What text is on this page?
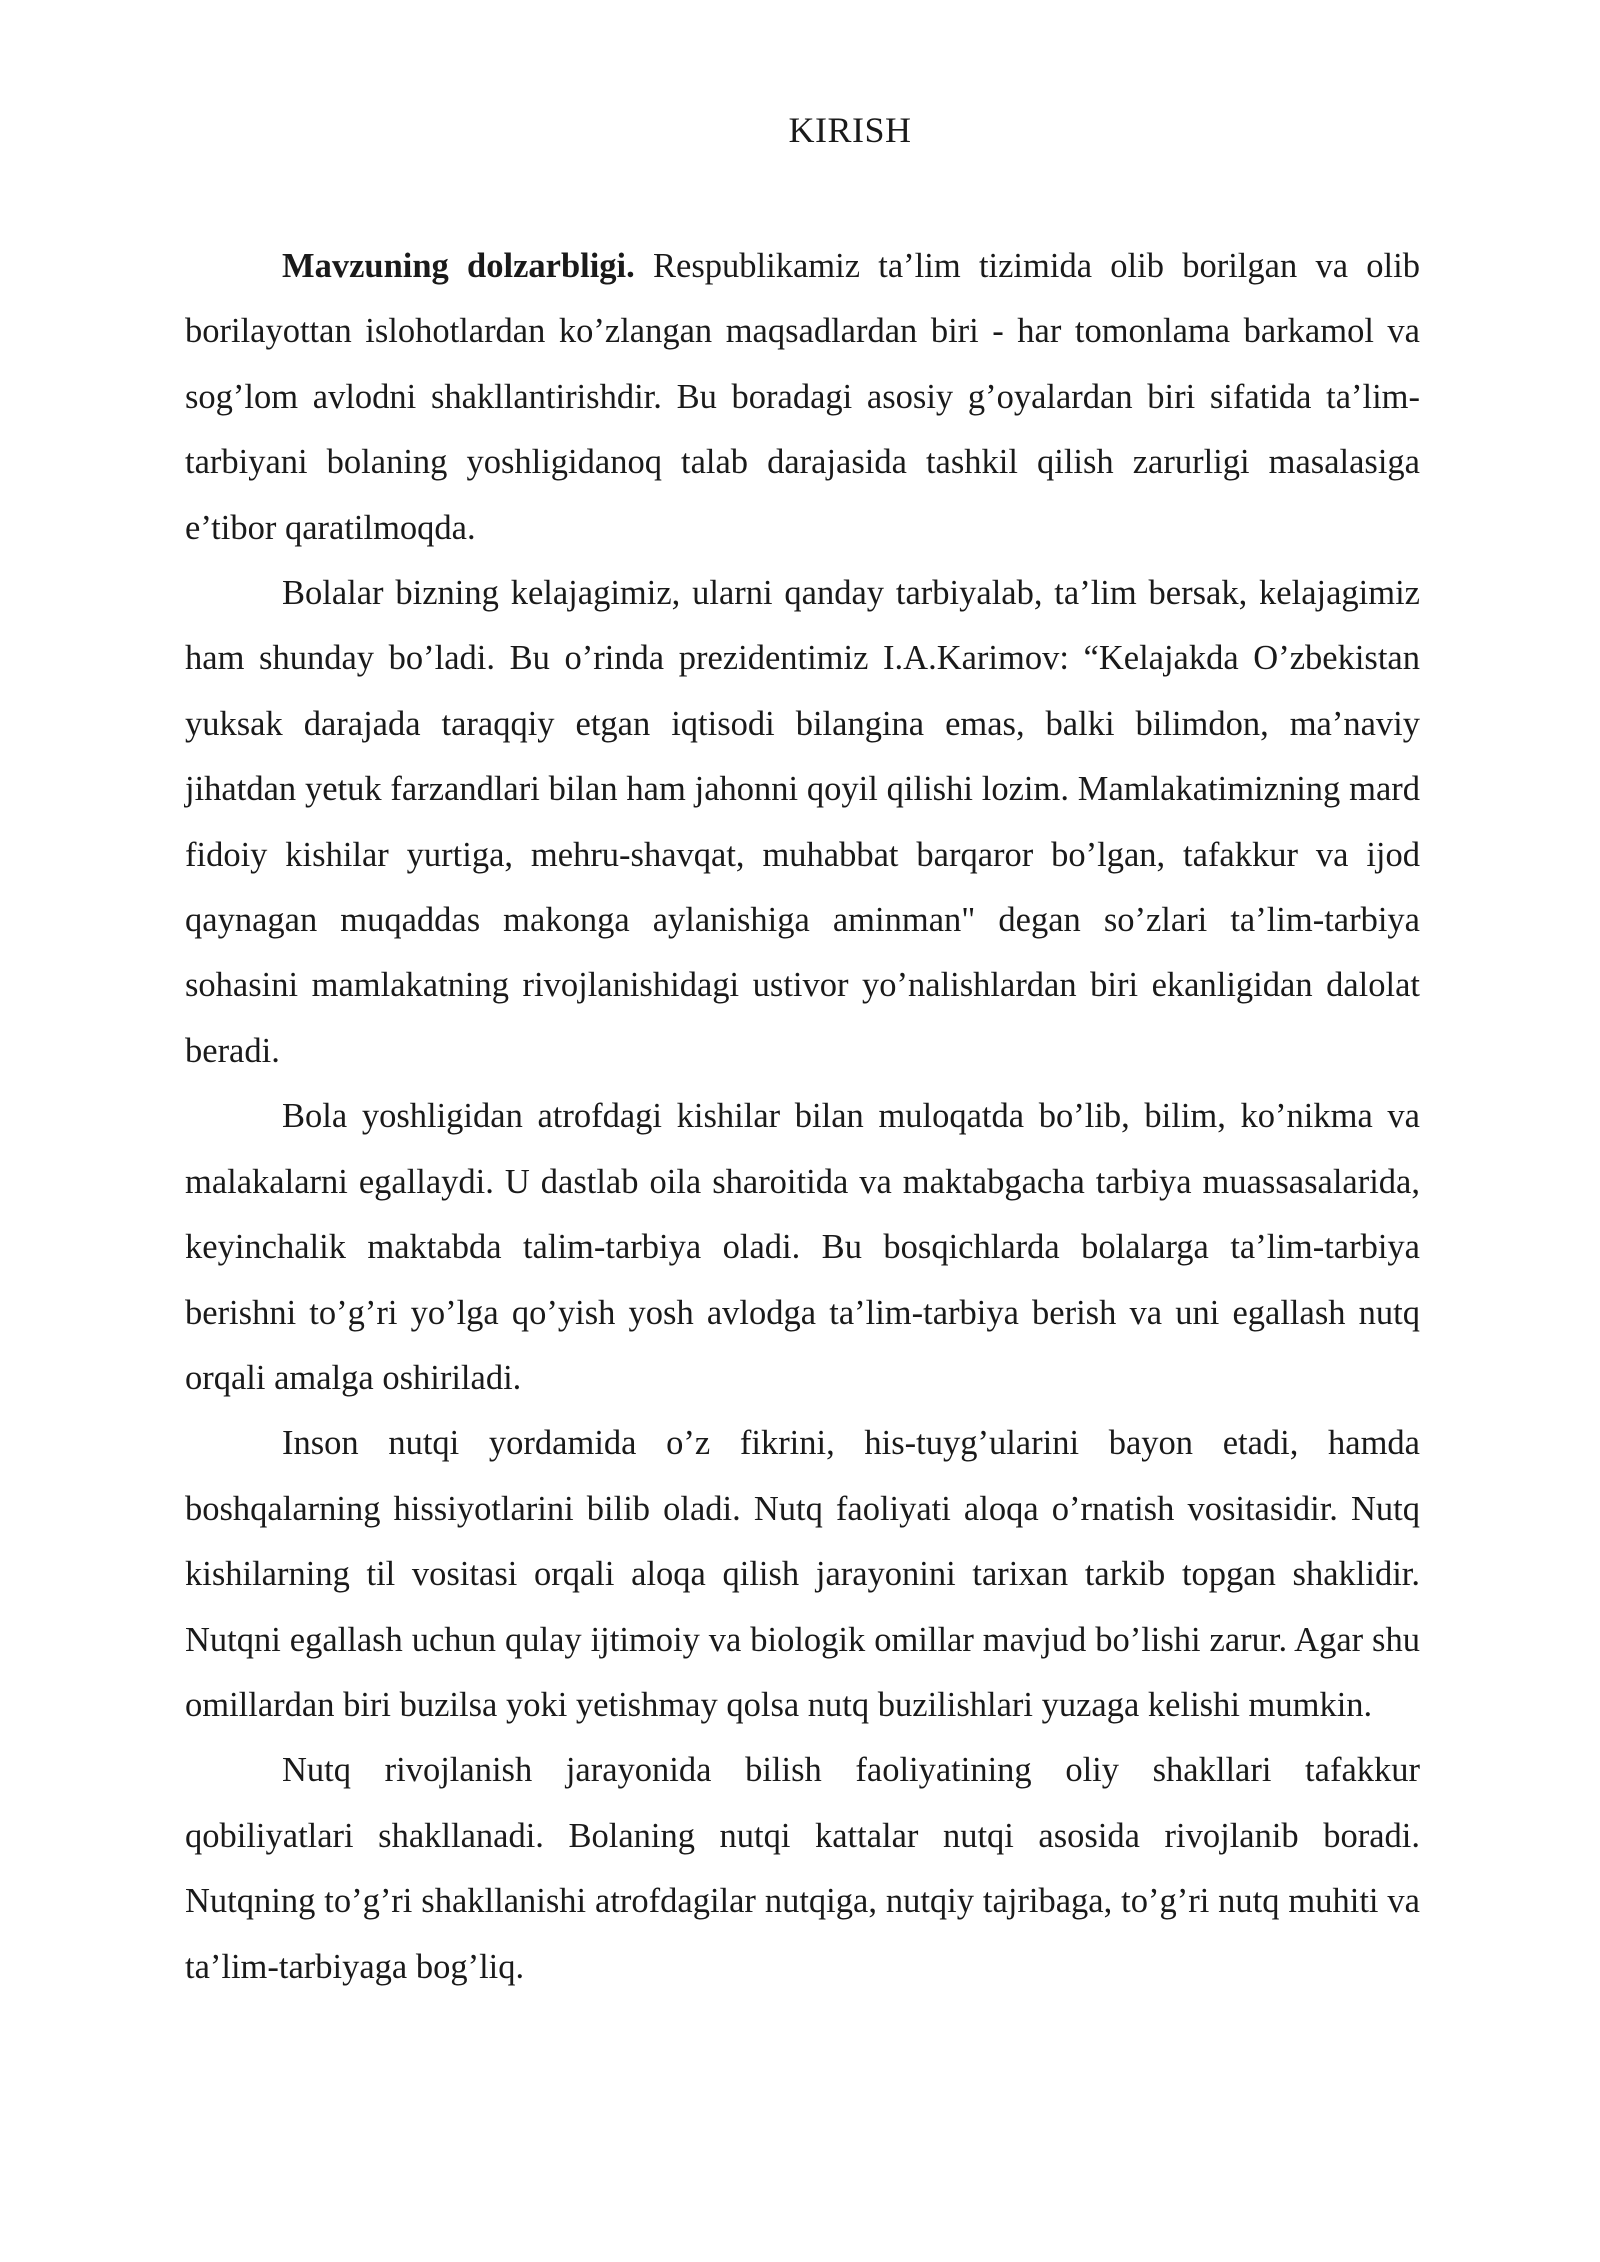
KIRISH

Mavzuning dolzarbligi. Respublikamiz ta’lim tizimida olib borilgan va olib borilayottan islohotlardan ko’zlangan maqsadlardan biri - har tomonlama barkamol va sog’lom avlodni shakllantirishdir. Bu boradagi asosiy g’oyalardan biri sifatida ta’lim-tarbiyani bolaning yoshligidanoq talab darajasida tashkil qilish zarurligi masalasiga e’tibor qaratilmoqda.

Bolalar bizning kelajagimiz, ularni qanday tarbiyalab, ta’lim bersak, kelajagimiz ham shunday bo’ladi. Bu o’rinda prezidentimiz I.A.Karimov: “Kelajakda O’zbekistan yuksak darajada taraqqiy etgan iqtisodi bilangina emas, balki bilimdon, ma’naviy jihatdan yetuk farzandlari bilan ham jahonni qoyil qilishi lozim. Mamlakatimizning mard fidoiy kishilar yurtiga, mehru-shavqat, muhabbat barqaror bo’lgan, tafakkur va ijod qaynagan muqaddas makonga aylanishiga aminman" degan so’zlari ta’lim-tarbiya sohasini mamlakatning rivojlanishidagi ustivor yo’nalishlardan biri ekanligidan dalolat beradi.

Bola yoshligidan atrofdagi kishilar bilan muloqatda bo’lib, bilim, ko’nikma va malakalarni egallaydi. U dastlab oila sharoitida va maktabgacha tarbiya muassasalarida, keyinchalik maktabda talim-tarbiya oladi. Bu bosqichlarda bolalarga ta’lim-tarbiya berishni to’g’ri yo’lga qo’yish yosh avlodga ta’lim-tarbiya berish va uni egallash nutq orqali amalga oshiriladi.

Inson nutqi yordamida o’z fikrini, his-tuyg’ularini bayon etadi, hamda boshqalarning hissiyotlarini bilib oladi. Nutq faoliyati aloqa o’rnatish vositasidir. Nutq kishilarning til vositasi orqali aloqa qilish jarayonini tarixan tarkib topgan shaklidir. Nutqni egallash uchun qulay ijtimoiy va biologik omillar mavjud bo’lishi zarur. Agar shu omillardan biri buzilsa yoki yetishmay qolsa nutq buzilishlari yuzaga kelishi mumkin.

Nutq rivojlanish jarayonida bilish faoliyatining oliy shakllari tafakkur qobiliyatlari shakllanadi. Bolaning nutqi kattalar nutqi asosida rivojlanib boradi. Nutqning to’g’ri shakllanishi atrofdagilar nutqiga, nutqiy tajribaga, to’g’ri nutq muhiti va ta’lim-tarbiyaga bog’liq.
